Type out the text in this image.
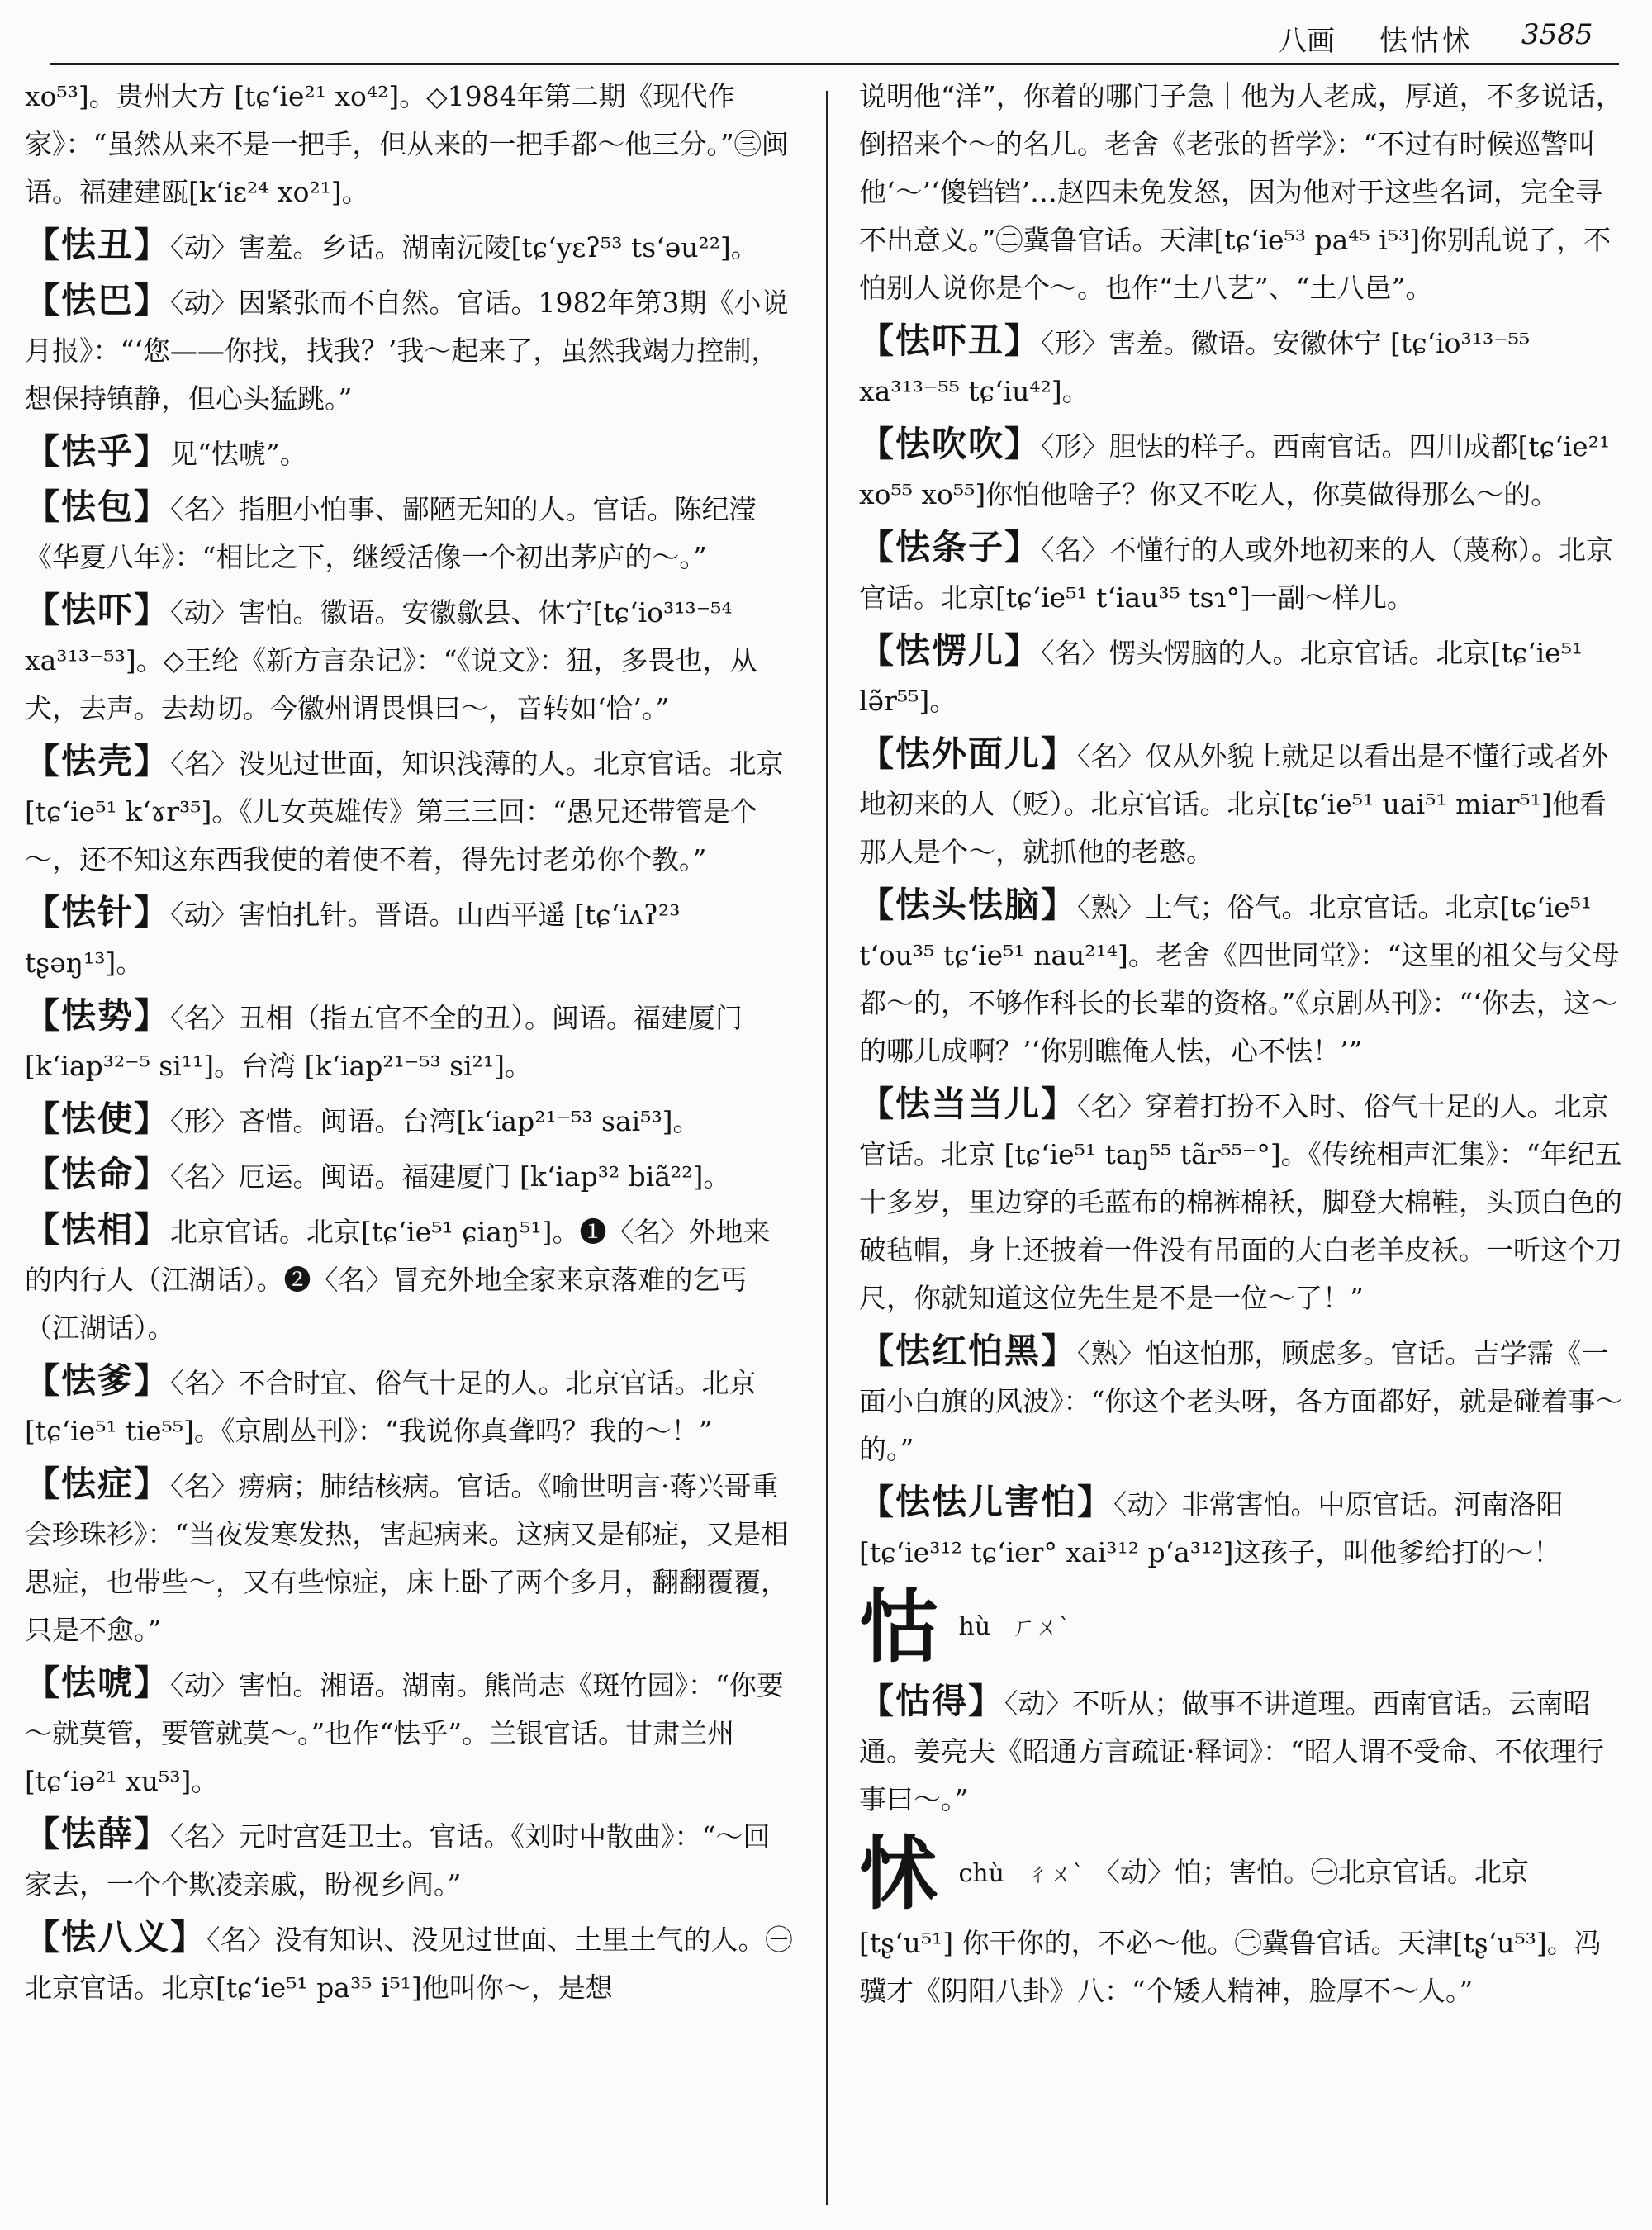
八画 怯怙怵 3585

xo⁵³]。贵州大方 [tɕʻie²¹ xo⁴²]。◇1984年第二期《现代作家》：“虽然从来不是一把手，但从来的一把手都～他三分。”㊂闽语。福建建瓯[kʻiɛ²⁴ xo²¹]。

【怯丑】〈动〉害羞。乡话。湖南沅陵[tɕʻyɛʔ⁵³ tsʻəu²²]。

【怯巴】〈动〉因紧张而不自然。官话。1982年第3期《小说月报》：“‘您——你找，找我？’我～起来了，虽然我竭力控制，想保持镇静，但心头猛跳。”

【怯乎】见“怯唬”。

【怯包】〈名〉指胆小怕事、鄙陋无知的人。官话。陈纪滢《华夏八年》：“相比之下，继绶活像一个初出茅庐的～。”

【怯吓】〈动〉害怕。徽语。安徽歙县、休宁[tɕʻio³¹³⁻⁵⁴ xa³¹³⁻⁵³]。◇王纶《新方言杂记》：“《说文》：狃，多畏也，从犬，去声。去劫切。今徽州谓畏惧曰～，音转如‘恰’。”

【怯壳】〈名〉没见过世面，知识浅薄的人。北京官话。北京 [tɕʻie⁵¹ kʻɤr³⁵]。《儿女英雄传》第三三回：“愚兄还带管是个～，还不知这东西我使的着使不着，得先讨老弟你个教。”

【怯针】〈动〉害怕扎针。晋语。山西平遥 [tɕʻiʌʔ²³ tʂəŋ¹³]。

【怯势】〈名〉丑相（指五官不全的丑）。闽语。福建厦门[kʻiap³²⁻⁵ si¹¹]。台湾 [kʻiap²¹⁻⁵³ si²¹]。

【怯使】〈形〉吝惜。闽语。台湾[kʻiap²¹⁻⁵³ sai⁵³]。

【怯命】〈名〉厄运。闽语。福建厦门 [kʻiap³² biã²²]。

【怯相】北京官话。北京[tɕʻie⁵¹ ɕiaŋ⁵¹]。❶〈名〉外地来的内行人（江湖话）。❷〈名〉冒充外地全家来京落难的乞丐（江湖话）。

【怯爹】〈名〉不合时宜、俗气十足的人。北京官话。北京[tɕʻie⁵¹ tie⁵⁵]。《京剧丛刊》：“我说你真聋吗？我的～！”

【怯症】〈名〉痨病；肺结核病。官话。《喻世明言·蒋兴哥重会珍珠衫》：“当夜发寒发热，害起病来。这病又是郁症，又是相思症，也带些～，又有些惊症，床上卧了两个多月，翻翻覆覆，只是不愈。”

【怯唬】〈动〉害怕。湘语。湖南。熊尚志《斑竹园》：“你要～就莫管，要管就莫～。”也作“怯乎”。兰银官话。甘肃兰州[tɕʻiə²¹ xu⁵³]。

【怯薛】〈名〉元时宫廷卫士。官话。《刘时中散曲》：“～回家去，一个个欺凌亲戚，盼视乡闾。”

【怯八义】〈名〉没有知识、没见过世面、土里土气的人。㊀北京官话。北京[tɕʻie⁵¹ pa³⁵ i⁵¹]他叫你～，是想

说明他“洋”，你着的哪门子急｜他为人老成，厚道，不多说话，倒招来个～的名儿。老舍《老张的哲学》：“不过有时候巡警叫他‘～’‘傻铛铛’…赵四未免发怒，因为他对于这些名词，完全寻不出意义。”㊁冀鲁官话。天津[tɕʻie⁵³ pa⁴⁵ i⁵³]你别乱说了，不怕别人说你是个～。也作“土八艺”、“土八邑”。

【怯吓丑】〈形〉害羞。徽语。安徽休宁 [tɕʻio³¹³⁻⁵⁵ xa³¹³⁻⁵⁵ tɕʻiu⁴²]。

【怯吹吹】〈形〉胆怯的样子。西南官话。四川成都[tɕʻie²¹ xo⁵⁵ xo⁵⁵]你怕他啥子？你又不吃人，你莫做得那么～的。

【怯条子】〈名〉不懂行的人或外地初来的人（蔑称）。北京官话。北京[tɕʻie⁵¹ tʻiau³⁵ tsɿ°]一副～样儿。

【怯愣儿】〈名〉愣头愣脑的人。北京官话。北京[tɕʻie⁵¹ lə̃r⁵⁵]。

【怯外面儿】〈名〉仅从外貌上就足以看出是不懂行或者外地初来的人（贬）。北京官话。北京[tɕʻie⁵¹ uai⁵¹ miar⁵¹]他看那人是个～，就抓他的老憨。

【怯头怯脑】〈熟〉土气；俗气。北京官话。北京[tɕʻie⁵¹ tʻou³⁵ tɕʻie⁵¹ nau²¹⁴]。老舍《四世同堂》：“这里的祖父与父母都～的，不够作科长的长辈的资格。”《京剧丛刊》：“‘你去，这～的哪儿成啊？’‘你别瞧俺人怯，心不怯！’”

【怯当当儿】〈名〉穿着打扮不入时、俗气十足的人。北京官话。北京 [tɕʻie⁵¹ taŋ⁵⁵ tãr⁵⁵⁻°]。《传统相声汇集》：“年纪五十多岁，里边穿的毛蓝布的棉裤棉袄，脚登大棉鞋，头顶白色的破毡帽，身上还披着一件没有吊面的大白老羊皮袄。一听这个刀尺，你就知道这位先生是不是一位～了！”

【怯红怕黑】〈熟〉怕这怕那，顾虑多。官话。吉学霈《一面小白旗的风波》：“你这个老头呀，各方面都好，就是碰着事～的。”

【怯怯儿害怕】〈动〉非常害怕。中原官话。河南洛阳[tɕʻie³¹² tɕʻier° xai³¹² pʻa³¹²]这孩子，叫他爹给打的～！

怙 hù ㄏㄨˋ

【怙得】〈动〉不听从；做事不讲道理。西南官话。云南昭通。姜亮夫《昭通方言疏证·释词》：“昭人谓不受命、不依理行事曰～。”

怵 chù ㄔㄨˋ 〈动〉怕；害怕。㊀北京官话。北京 [tʂʻu⁵¹] 你干你的，不必～他。㊁冀鲁官话。天津[tʂʻu⁵³]。冯骥才《阴阳八卦》八：“个矮人精神，脸厚不～人。”
